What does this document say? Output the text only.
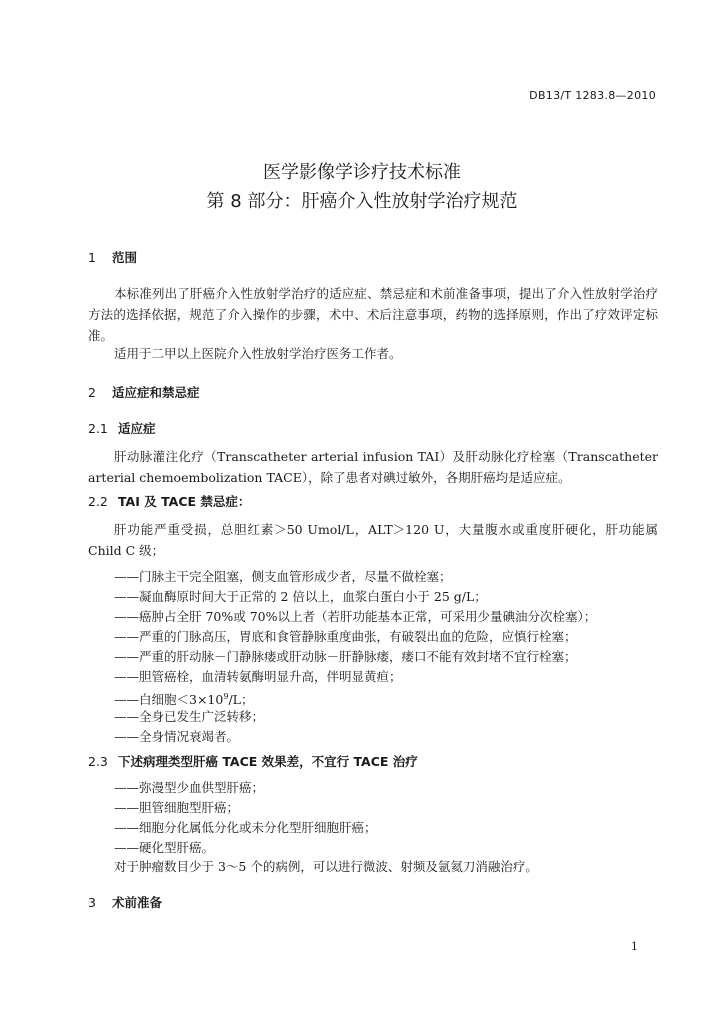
DB13/T 1283.8—2010
医学影像学诊疗技术标准
第 8 部分：肝癌介入性放射学治疗规范
1 范围
本标准列出了肝癌介入性放射学治疗的适应症、禁忌症和术前准备事项，提出了介入性放射学治疗方法的选择依据，规范了介入操作的步骤，术中、术后注意事项，药物的选择原则，作出了疗效评定标准。
适用于二甲以上医院介入性放射学治疗医务工作者。
2 适应症和禁忌症
2.1 适应症
肝动脉灌注化疗（Transcatheter arterial infusion TAI）及肝动脉化疗栓塞（Transcatheter arterial chemoembolization TACE），除了患者对碘过敏外，各期肝癌均是适应症。
2.2 TAI 及 TACE 禁忌症：
肝功能严重受损，总胆红素＞50 Umol/L，ALT＞120 U，大量腹水或重度肝硬化，肝功能属 Child C 级；
——门脉主干完全阻塞，侧支血管形成少者，尽量不做栓塞；
——凝血酶原时间大于正常的 2 倍以上，血浆白蛋白小于 25 g/L；
——癌肿占全肝 70%或 70%以上者（若肝功能基本正常，可采用少量碘油分次栓塞）；
——严重的门脉高压，胃底和食管静脉重度曲张，有破裂出血的危险，应慎行栓塞；
——严重的肝动脉－门静脉瘘或肝动脉－肝静脉瘘，瘘口不能有效封堵不宜行栓塞；
——胆管癌栓，血清转氨酶明显升高，伴明显黄疸；
——白细胞$<3\times 10^9/L$；
——全身已发生广泛转移；
——全身情况衰竭者。
2.3 下述病理类型肝癌 TACE 效果差，不宜行 TACE 治疗
——弥漫型少血供型肝癌；
——胆管细胞型肝癌；
——细胞分化属低分化或未分化型肝细胞肝癌；
——硬化型肝癌。
对于肿瘤数目少于 3～5 个的病例，可以进行微波、射频及氩氦刀消融治疗。
3 术前准备
1
